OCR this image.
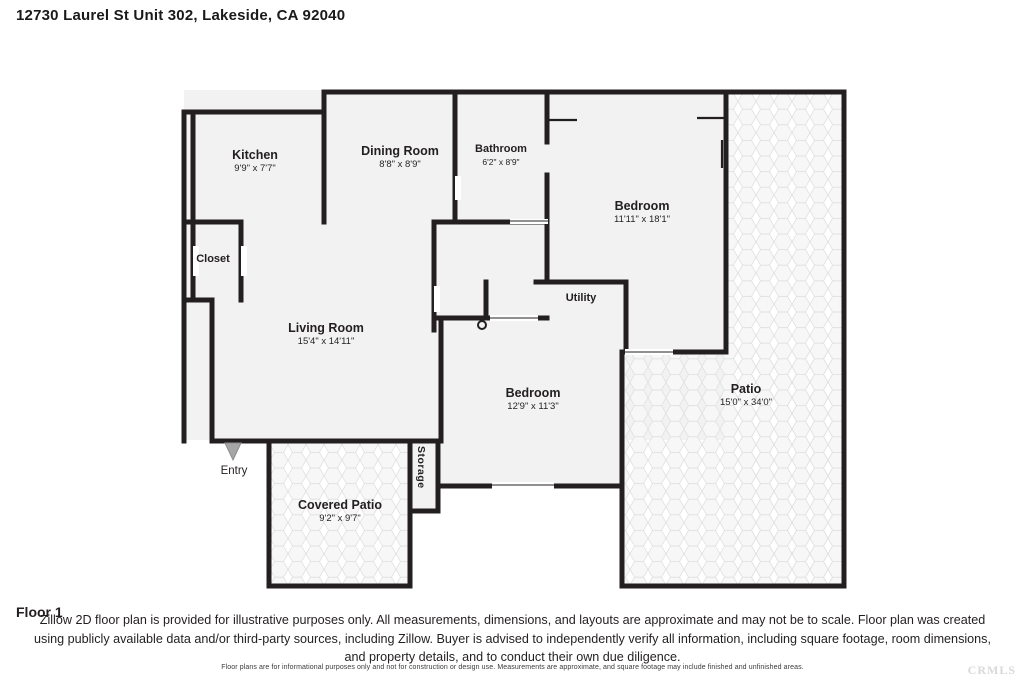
12730 Laurel St Unit 302, Lakeside, CA 92040
Kitchen
9'9" x 7'7"
Dining Room
8'8" x 8'9"
Bathroom
6'2" x 8'9"
Bedroom
11'11" x 18'1"
Closet
Living Room
15'4" x 14'11"
Utility
Bedroom
12'9" x 11'3"
Patio
15'0" x 34'0"
Storage
Covered Patio
9'2" x 9'7"
Entry
Floor 1
Zillow 2D floor plan is provided for illustrative purposes only. All measurements, dimensions, and layouts are approximate and may not be to scale. Floor plan was created using publicly available data and/or third-party sources, including Zillow. Buyer is advised to independently verify all information, including square footage, room dimensions, and property details, and to conduct their own due diligence.
Floor plans are for informational purposes only and not for construction or design use. Measurements are approximate, and square footage may include finished and unfinished areas.	CRMLS
